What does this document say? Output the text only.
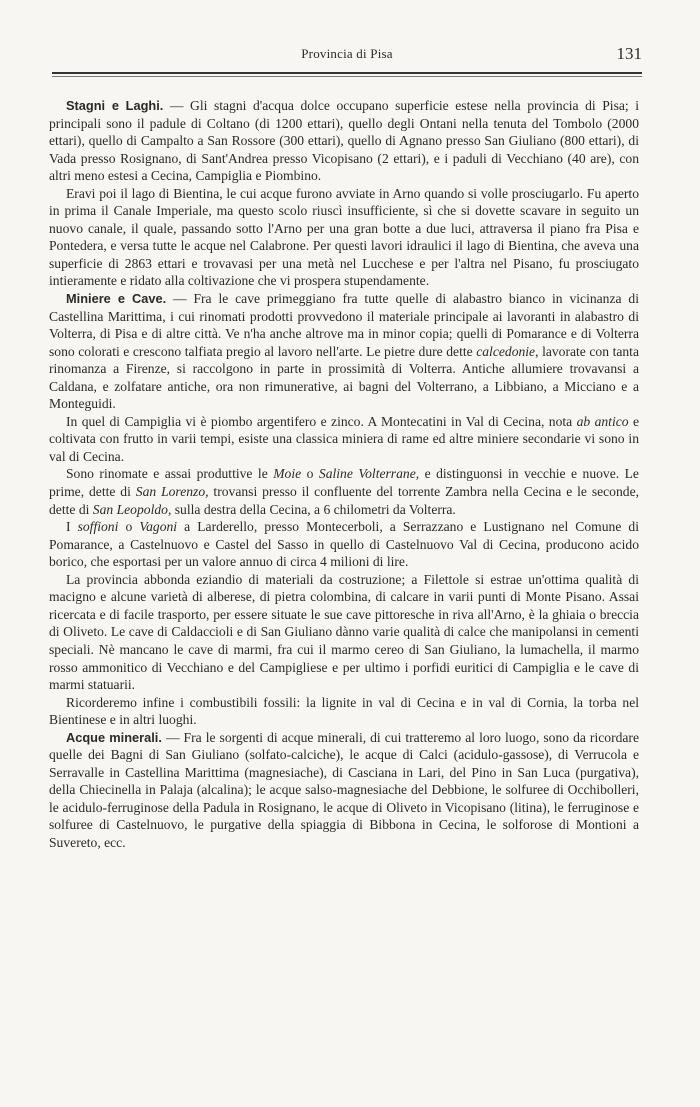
Provincia di Pisa	131

Stagni e Laghi. — Gli stagni d'acqua dolce occupano superficie estese nella provincia di Pisa; i principali sono il padule di Coltano (di 1200 ettari), quello degli Ontani nella tenuta del Tombolo (2000 ettari), quello di Campalto a San Rossore (300 ettari), quello di Agnano presso San Giuliano (800 ettari), di Vada presso Rosignano, di Sant'Andrea presso Vicopisano (2 ettari), e i paduli di Vecchiano (40 are), con altri meno estesi a Cecina, Campiglia e Piombino.

Eravi poi il lago di Bientina, le cui acque furono avviate in Arno quando si volle prosciugarlo. Fu aperto in prima il Canale Imperiale, ma questo scolo riuscì insufficiente, sì che si dovette scavare in seguito un nuovo canale, il quale, passando sotto l'Arno per una gran botte a due luci, attraversa il piano fra Pisa e Pontedera, e versa tutte le acque nel Calabrone. Per questi lavori idraulici il lago di Bientina, che aveva una superficie di 2863 ettari e trovavasi per una metà nel Lucchese e per l'altra nel Pisano, fu prosciugato intieramente e ridato alla coltivazione che vi prospera stupendamente.

Miniere e Cave. — Fra le cave primeggiano fra tutte quelle di alabastro bianco in vicinanza di Castellina Marittima, i cui rinomati prodotti provvedono il materiale principale ai lavoranti in alabastro di Volterra, di Pisa e di altre città. Ve n'ha anche altrove ma in minor copia; quelli di Pomarance e di Volterra sono colorati e crescono talfiata pregio al lavoro nell'arte. Le pietre dure dette calcedonie, lavorate con tanta rinomanza a Firenze, si raccolgono in parte in prossimità di Volterra. Antiche allumiere trovavansi a Caldana, e zolfatare antiche, ora non rimunerative, ai bagni del Volterrano, a Libbiano, a Micciano e a Monteguidi.

In quel di Campiglia vi è piombo argentifero e zinco. A Montecatini in Val di Cecina, nota ab antico e coltivata con frutto in varii tempi, esiste una classica miniera di rame ed altre miniere secondarie vi sono in val di Cecina.

Sono rinomate e assai produttive le Moie o Saline Volterrane, e distinguonsi in vecchie e nuove. Le prime, dette di San Lorenzo, trovansi presso il confluente del torrente Zambra nella Cecina e le seconde, dette di San Leopoldo, sulla destra della Cecina, a 6 chilometri da Volterra.

I soffioni o Vagoni a Larderello, presso Montecerboli, a Serrazzano e Lustignano nel Comune di Pomarance, a Castelnuovo e Castel del Sasso in quello di Castelnuovo Val di Cecina, producono acido borico, che esportasi per un valore annuo di circa 4 milioni di lire.

La provincia abbonda eziandio di materiali da costruzione; a Filettole si estrae un'ottima qualità di macigno e alcune varietà di alberese, di pietra colombina, di calcare in varii punti di Monte Pisano. Assai ricercata e di facile trasporto, per essere situate le sue cave pittoresche in riva all'Arno, è la ghiaia o breccia di Oliveto. Le cave di Caldaccioli e di San Giuliano dànno varie qualità di calce che manipolansi in cementi speciali. Nè mancano le cave di marmi, fra cui il marmo cereo di San Giuliano, la lumachella, il marmo rosso ammonitico di Vecchiano e del Campigliese e per ultimo i porfidi euritici di Campiglia e le cave di marmi statuarii.

Ricorderemo infine i combustibili fossili: la lignite in val di Cecina e in val di Cornia, la torba nel Bientinese e in altri luoghi.

Acque minerali. — Fra le sorgenti di acque minerali, di cui tratteremo al loro luogo, sono da ricordare quelle dei Bagni di San Giuliano (solfato-calciche), le acque di Calci (acidulo-gassose), di Verrucola e Serravalle in Castellina Marittima (magnesiache), di Casciana in Lari, del Pino in San Luca (purgativa), della Chiecinella in Palaja (alcalina); le acque salso-magnesiache del Debbione, le solfuree di Occhibolleri, le acidulo-ferruginose della Padula in Rosignano, le acque di Oliveto in Vicopisano (litina), le ferruginose e solfuree di Castelnuovo, le purgative della spiaggia di Bibbona in Cecina, le solforose di Montioni a Suvereto, ecc.
